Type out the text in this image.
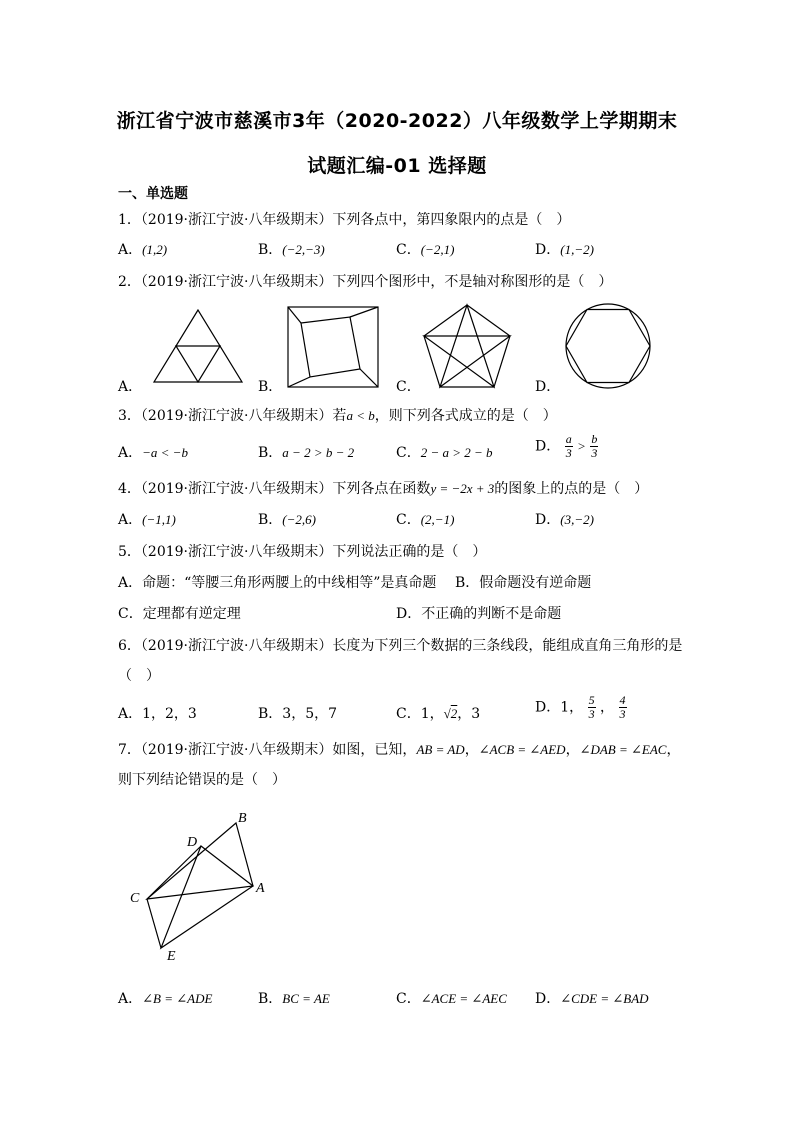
浙江省宁波市慈溪市3年（2020-2022）八年级数学上学期期末
试题汇编-01 选择题
一、单选题
1．（2019·浙江宁波·八年级期末）下列各点中，第四象限内的点是（　）
A．(1,2)	B．(−2,−3)	C．(−2,1)	D．(1,−2)
2．（2019·浙江宁波·八年级期末）下列四个图形中，不是轴对称图形的是（　）
A．	B．	C．	D．
3．（2019·浙江宁波·八年级期末）若a < b，则下列各式成立的是（　）
A．−a < −b	B．a − 2 > b − 2	C．2 − a > 2 − b	D． $\frac{a}{3} > \frac{b}{3}$
4．（2019·浙江宁波·八年级期末）下列各点在函数y = −2x + 3的图象上的点的是（　）
A．(−1,1)	B．(−2,6)	C．(2,−1)	D．(3,−2)
5．（2019·浙江宁波·八年级期末）下列说法正确的是（　）
A．命题：“等腰三角形两腰上的中线相等”是真命题 B．假命题没有逆命题
C．定理都有逆定理	D．不正确的判断不是命题
6．（2019·浙江宁波·八年级期末）长度为下列三个数据的三条线段，能组成直角三角形的是
（　）
A．1，2，3	B．3，5，7	C．1，√2，3	D．1， $\frac{5}{3}$ ， $\frac{4}{3}$
7．（2019·浙江宁波·八年级期末）如图，已知，AB = AD，∠ACB = ∠AED，∠DAB = ∠EAC，
则下列结论错误的是（　）
B
D
C
A
E
A．∠B = ∠ADE	B．BC = AE	C．∠ACE = ∠AEC D．∠CDE = ∠BAD
